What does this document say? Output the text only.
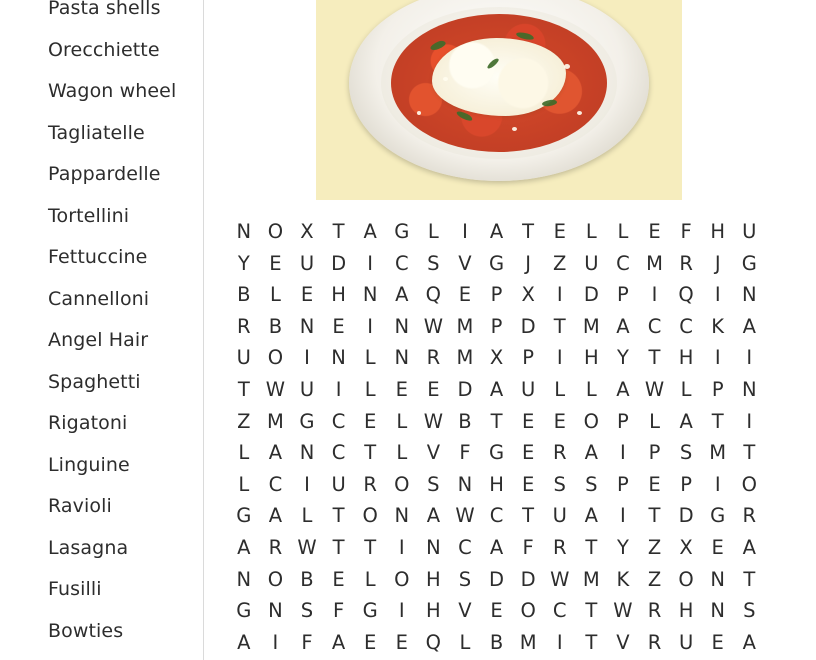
Pasta shells
Orecchiette
Wagon wheel
Tagliatelle
Pappardelle
Tortellini
Fettuccine
Cannelloni
Angel Hair
Spaghetti
Rigatoni
Linguine
Ravioli
Lasagna
Fusilli
Bowties
N O X T A G L	I	A T E	L	L	E	F H U
Y E U D	I	C S V G	J	Z U C M R	J	G
B L	E H N A Q E	P X	I	D P	I	Q	I	N
R B N E	I	N W M P D T M A C C K A
U O	I	N L N R M X P	I	H Y	T H	I	I
T W U	I	L	E E D A U L	L A W L	P N
Z M G C E	L W B T E E O P	L A T	I
L A N C T	L V F G E R A	I	P	S M T
L C	I	U R O S N H E S S	P	E	P	I	O
G A L	T O N A W C T U A	I	T D G R
A R W T	T	I	N C A F R T	Y Z X E A
N O B E	L O H S D D W M K Z O N T
G N S	F G	I	H V E O C T W R H N S
A	I	F A E E Q L B M	I	T V R U E A
